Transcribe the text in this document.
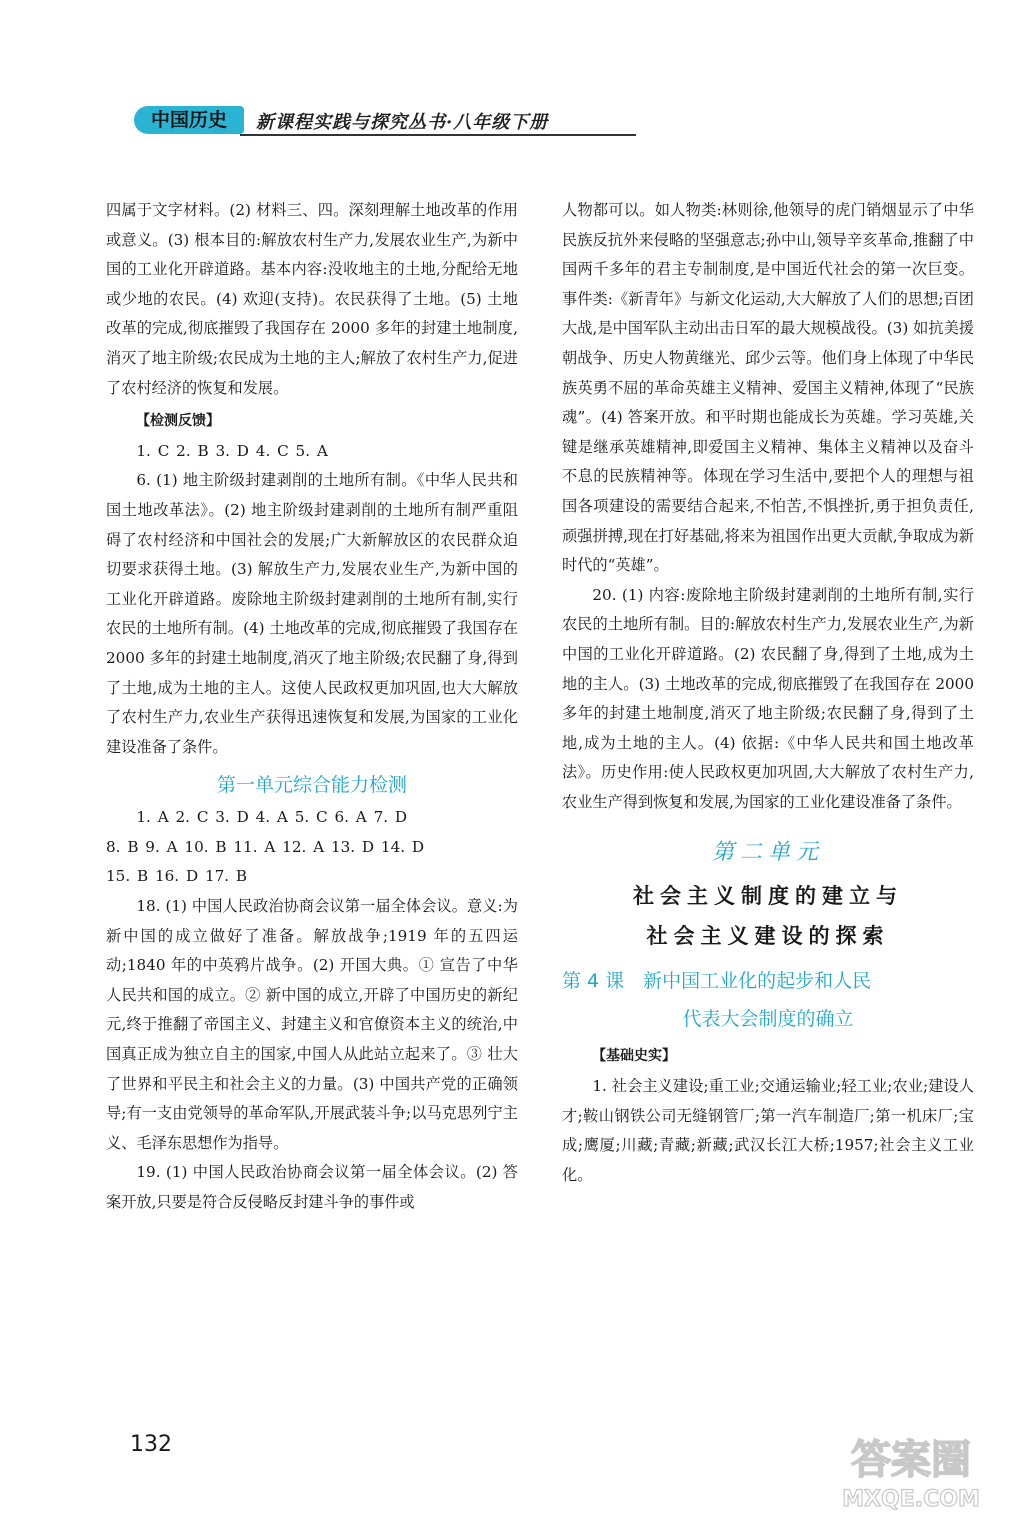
中国历史	新课程实践与探究丛书·八年级下册

四属于文字材料。(2) 材料三、四。深刻理解土地改革的作用或意义。(3) 根本目的:解放农村生产力,发展农业生产,为新中国的工业化开辟道路。基本内容:没收地主的土地,分配给无地或少地的农民。(4) 欢迎(支持)。农民获得了土地。(5) 土地改革的完成,彻底摧毁了我国存在 2000 多年的封建土地制度,消灭了地主阶级;农民成为土地的主人;解放了农村生产力,促进了农村经济的恢复和发展。

【检测反馈】

1. C 2. B 3. D 4. C 5. A

6. (1) 地主阶级封建剥削的土地所有制。《中华人民共和国土地改革法》。(2) 地主阶级封建剥削的土地所有制严重阻碍了农村经济和中国社会的发展;广大新解放区的农民群众迫切要求获得土地。(3) 解放生产力,发展农业生产,为新中国的工业化开辟道路。废除地主阶级封建剥削的土地所有制,实行农民的土地所有制。(4) 土地改革的完成,彻底摧毁了我国存在 2000 多年的封建土地制度,消灭了地主阶级;农民翻了身,得到了土地,成为土地的主人。这使人民政权更加巩固,也大大解放了农村生产力,农业生产获得迅速恢复和发展,为国家的工业化建设准备了条件。

第一单元综合能力检测

1. A 2. C 3. D 4. A 5. C 6. A 7. D

8. B 9. A 10. B 11. A 12. A 13. D 14. D

15. B 16. D 17. B

18. (1) 中国人民政治协商会议第一届全体会议。意义:为新中国的成立做好了准备。解放战争;1919 年的五四运动;1840 年的中英鸦片战争。(2) 开国大典。① 宣告了中华人民共和国的成立。② 新中国的成立,开辟了中国历史的新纪元,终于推翻了帝国主义、封建主义和官僚资本主义的统治,中国真正成为独立自主的国家,中国人从此站立起来了。③ 壮大了世界和平民主和社会主义的力量。(3) 中国共产党的正确领导;有一支由党领导的革命军队,开展武装斗争;以马克思列宁主义、毛泽东思想作为指导。

19. (1) 中国人民政治协商会议第一届全体会议。(2) 答案开放,只要是符合反侵略反封建斗争的事件或

人物都可以。如人物类:林则徐,他领导的虎门销烟显示了中华民族反抗外来侵略的坚强意志;孙中山,领导辛亥革命,推翻了中国两千多年的君主专制制度,是中国近代社会的第一次巨变。事件类:《新青年》与新文化运动,大大解放了人们的思想;百团大战,是中国军队主动出击日军的最大规模战役。(3) 如抗美援朝战争、历史人物黄继光、邱少云等。他们身上体现了中华民族英勇不屈的革命英雄主义精神、爱国主义精神,体现了“民族魂”。(4) 答案开放。和平时期也能成长为英雄。学习英雄,关键是继承英雄精神,即爱国主义精神、集体主义精神以及奋斗不息的民族精神等。体现在学习生活中,要把个人的理想与祖国各项建设的需要结合起来,不怕苦,不惧挫折,勇于担负责任,顽强拼搏,现在打好基础,将来为祖国作出更大贡献,争取成为新时代的“英雄”。

20. (1) 内容:废除地主阶级封建剥削的土地所有制,实行农民的土地所有制。目的:解放农村生产力,发展农业生产,为新中国的工业化开辟道路。(2) 农民翻了身,得到了土地,成为土地的主人。(3) 土地改革的完成,彻底摧毁了在我国存在 2000 多年的封建土地制度,消灭了地主阶级;农民翻了身,得到了土地,成为土地的主人。(4) 依据:《中华人民共和国土地改革法》。历史作用:使人民政权更加巩固,大大解放了农村生产力,农业生产得到恢复和发展,为国家的工业化建设准备了条件。

第二单元

社会主义制度的建立与

社会主义建设的探索

第 4 课　新中国工业化的起步和人民
代表大会制度的确立
【基础史实】

1. 社会主义建设;重工业;交通运输业;轻工业;农业;建设人才;鞍山钢铁公司无缝钢管厂;第一汽车制造厂;第一机床厂;宝成;鹰厦;川藏;青藏;新藏;武汉长江大桥;1957;社会主义工业化。

132	答案圈
MXQE.COM
